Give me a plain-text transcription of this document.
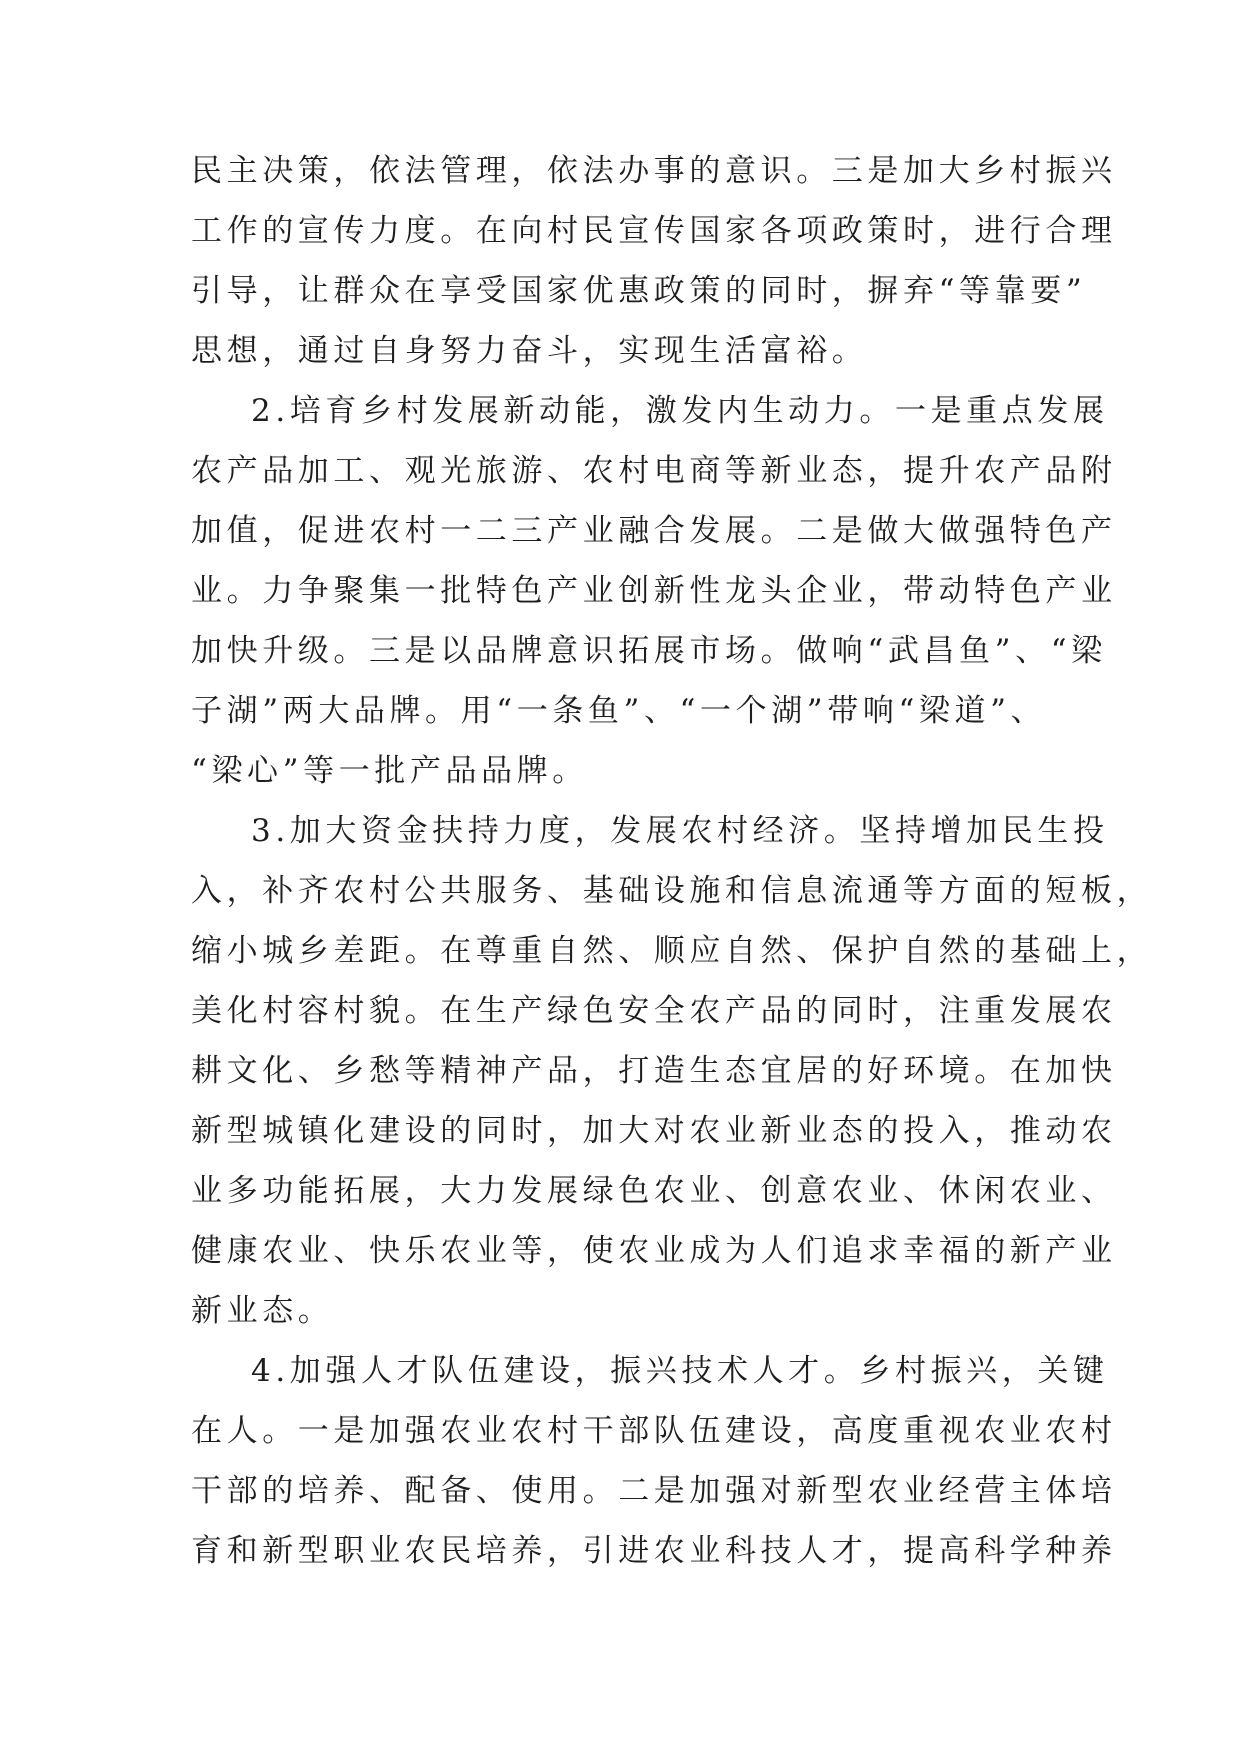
民主决策，依法管理，依法办事的意识。三是加大乡村振兴

工作的宣传力度。在向村民宣传国家各项政策时，进行合理

引导，让群众在享受国家优惠政策的同时，摒弃“等靠要”

思想，通过自身努力奋斗，实现生活富裕。

2.培育乡村发展新动能，激发内生动力。一是重点发展

农产品加工、观光旅游、农村电商等新业态，提升农产品附

加值，促进农村一二三产业融合发展。二是做大做强特色产

业。力争聚集一批特色产业创新性龙头企业，带动特色产业

加快升级。三是以品牌意识拓展市场。做响“武昌鱼”、“梁

子湖”两大品牌。用“一条鱼”、“一个湖”带响“梁道”、

“梁心”等一批产品品牌。

3.加大资金扶持力度，发展农村经济。坚持增加民生投

入，补齐农村公共服务、基础设施和信息流通等方面的短板，

缩小城乡差距。在尊重自然、顺应自然、保护自然的基础上，

美化村容村貌。在生产绿色安全农产品的同时，注重发展农

耕文化、乡愁等精神产品，打造生态宜居的好环境。在加快

新型城镇化建设的同时，加大对农业新业态的投入，推动农

业多功能拓展，大力发展绿色农业、创意农业、休闲农业、

健康农业、快乐农业等，使农业成为人们追求幸福的新产业

新业态。

4.加强人才队伍建设，振兴技术人才。乡村振兴，关键

在人。一是加强农业农村干部队伍建设，高度重视农业农村

干部的培养、配备、使用。二是加强对新型农业经营主体培

育和新型职业农民培养，引进农业科技人才，提高科学种养
